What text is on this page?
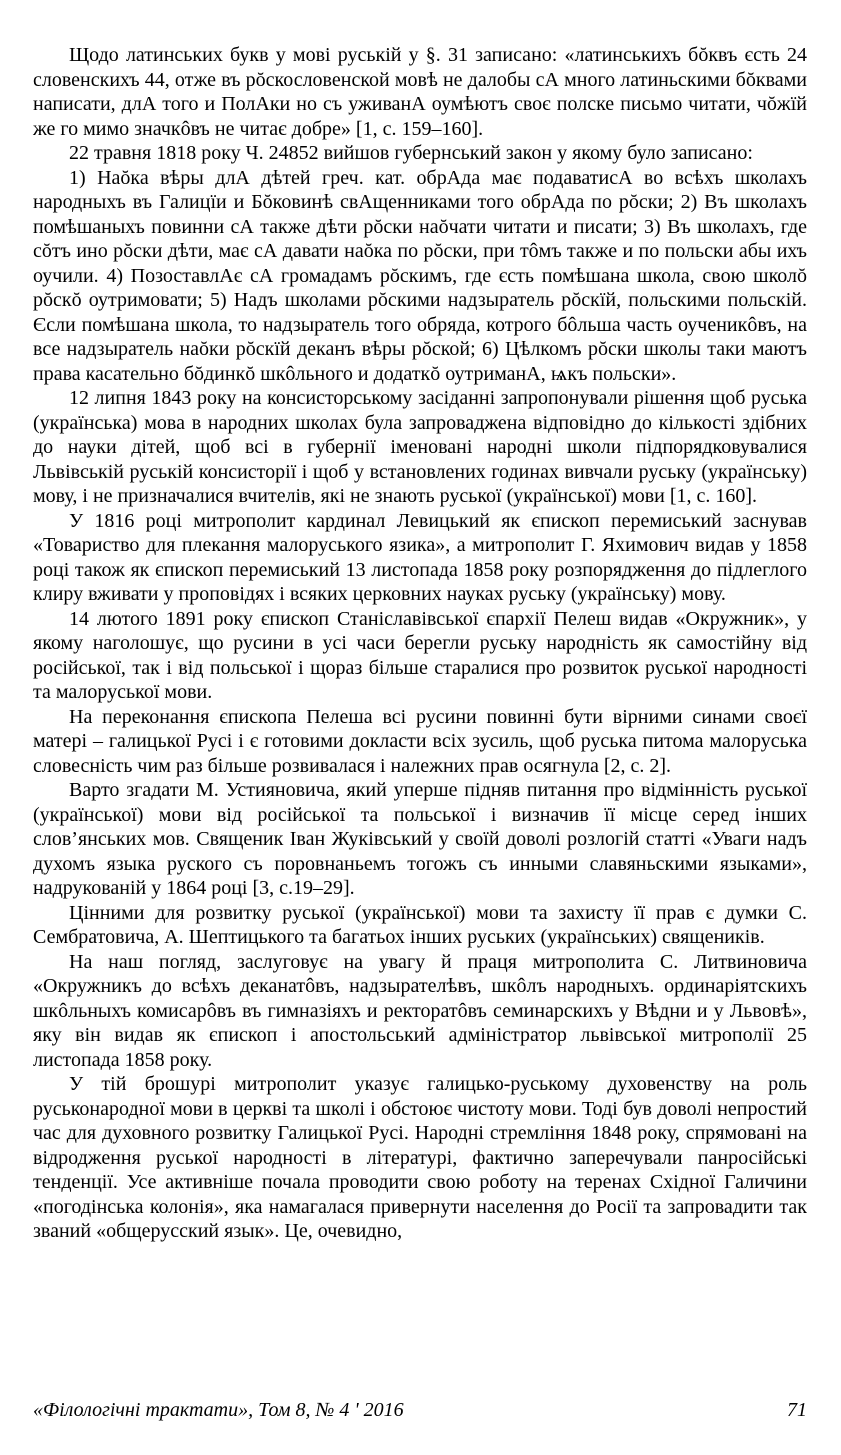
Щодо латинських букв у мові руській у §. 31 записано: «латинськихъ бŏквъ єсть 24 словенскихъ 44, отже въ рŏскословенской мовѣ не далобы сА много латиньскими бŏквами написати, длА того и ПолАки но съ уживанА оумѣютъ своє полске письмо читати, чŏжїй же го мимо значкôвъ не читає добре» [1, с. 159–160].

22 травня 1818 року Ч. 24852 вийшов губернський закон у якому було записано:

1) Наŏка вѣры длА дѣтей греч. кат. обрАда має подаватисА во всѣхъ школахъ народныхъ въ Галицїи и Бŏковинѣ свАщенниками того обрАда по рŏски; 2) Въ школахъ помѣшаныхъ повинни сА также дѣти рŏски наŏчати читати и писати; 3) Въ школахъ, где сŏтъ ино рŏски дѣти, має сА давати наŏка по рŏски, при тôмъ также и по польски абы ихъ оучили. 4) ПозоставлАє сА громадамъ рŏскимъ, где єсть помѣшана школа, свою школŏ рŏскŏ оутримовати; 5) Надъ школами рŏскими надзыратель рŏскїй, польскими польскій. Єсли помѣшана школа, то надзыратель того обряда, котрого бôльша часть оученикôвъ, на все надзыратель наŏки рŏскїй деканъ вѣры рŏской; 6) Цѣлкомъ рŏски школы таки маютъ права касательно бŏдинкŏ шкôльного и додаткŏ оутриманА, ѩкъ польски».

12 липня 1843 року на консисторському засіданні запропонували рішення щоб руська (українська) мова в народних школах була запроваджена відповідно до кількості здібних до науки дітей, щоб всі в губернії іменовані народні школи підпорядковувалися Львівській руській консисторії і щоб у встановлених годинах вивчали руську (українську) мову, і не призначалися вчителів, які не знають руської (української) мови [1, с. 160].

У 1816 році митрополит кардинал Левицький як єпископ перемиський заснував «Товариство для плекання малоруського язика», а митрополит Г. Яхимович видав у 1858 році також як єпископ перемиський 13 листопада 1858 року розпорядження до підлеглого клиру вживати у проповідях і всяких церковних науках руську (українську) мову.

14 лютого 1891 року єпископ Станіславівської єпархії Пелеш видав «Окружник», у якому наголошує, що русини в усі часи берегли руську народність як самостійну від російської, так і від польської і щораз більше старалися про розвиток руської народності та малоруської мови.

На переконання єпископа Пелеша всі русини повинні бути вірними синами своєї матері – галицької Русі і є готовими докласти всіх зусиль, щоб руська питома малоруська словесність чим раз більше розвивалася і належних прав осягнула [2, с. 2].

Варто згадати М. Устияновича, який уперше підняв питання про відмінність руської (української) мови від російської та польської і визначив її місце серед інших слов’янських мов. Священик Іван Жуківський у своїй доволі розлогій статті «Уваги надъ духомъ языка руского съ поровнаньемъ тогожъ съ инными славяньскими языками», надрукованій у 1864 році [3, с.19–29].

Цінними для розвитку руської (української) мови та захисту її прав є думки С. Сембратовича, А. Шептицького та багатьох інших руських (українських) священиків.

На наш погляд, заслуговує на увагу й праця митрополита С. Литвиновича «Окружникъ до всѣхъ деканатôвъ, надзырателѣвъ, шкôлъ народныхъ. ординаріятскихъ шкôльныхъ комисарôвъ въ гимназіяхъ и ректоратôвъ семинарскихъ у Вѣдни и у Львовѣ», яку він видав як єпископ і апостольський адміністратор львівської митрополії 25 листопада 1858 року.

У тій брошурі митрополит указує галицько-руському духовенству на роль руськонародної мови в церкві та школі і обстоює чистоту мови. Тоді був доволі непростий час для духовного розвитку Галицької Русі. Народні стремління 1848 року, спрямовані на відродження руської народності в літературі, фактично заперечували панросійські тенденції. Усе активніше почала проводити свою роботу на теренах Східної Галичини «погодінська колонія», яка намагалася привернути населення до Росії та запровадити так званий «общерусский язык». Це, очевидно,

«Філологічні трактати», Том 8, № 4 ' 2016	71
